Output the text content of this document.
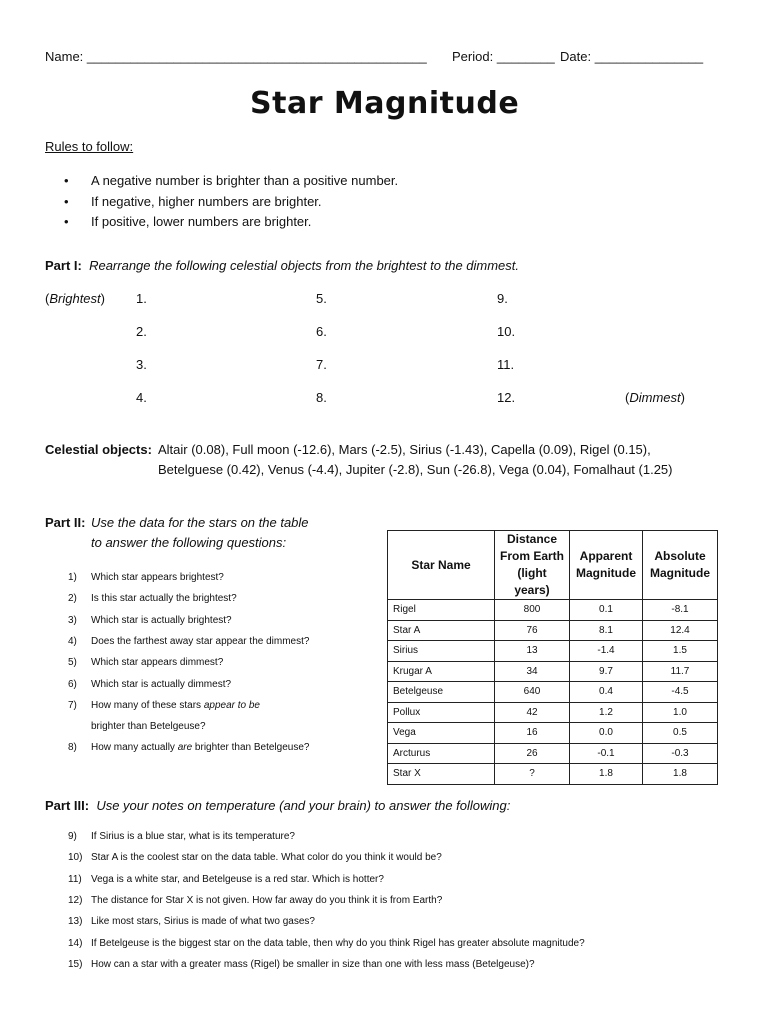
Name: _______________________________________________ Period: ________ Date: _______________
Star Magnitude
Rules to follow:
Part I: Rearrange the following celestial objects from the brightest to the dimmest.
(Brightest)
(Dimmest)
Celestial objects: Altair (0.08), Full moon (-12.6), Mars (-2.5), Sirius (-1.43), Capella (0.09), Rigel (0.15),
Betelguese (0.42), Venus (-4.4), Jupiter (-2.8), Sun (-26.8), Vega (0.04), Fomalhaut (1.25)
Part II: Use the data for the stars on the table
to answer the following questions:
Star Name	Distance From Earth (light years)	Apparent Magnitude	Absolute Magnitude
Rigel	800	0.1	-8.1
Star A	76	8.1	12.4
Sirius	13	-1.4	1.5
Krugar A	34	9.7	11.7
Betelgeuse	640	0.4	-4.5
Pollux	42	1.2	1.0
Vega	16	0.0	0.5
Arcturus	26	-0.1	-0.3
Star X	?	1.8	1.8
Part III: Use your notes on temperature (and your brain) to answer the following:
• A negative number is brighter than a positive number.
• If negative, higher numbers are brighter.
• If positive, lower numbers are brighter.
1.
2.
3.
4.
5.
6.
7.
8.
9.
10.
11.
12.
1) Which star appears brightest?
2) Is this star actually the brightest?
3) Which star is actually brightest?
4) Does the farthest away star appear the dimmest?
5) Which star appears dimmest?
6) Which star is actually dimmest?
7) How many of these stars appear to be
brighter than Betelgeuse?
8) How many actually are brighter than Betelgeuse?
9) If Sirius is a blue star, what is its temperature?
10) Star A is the coolest star on the data table. What color do you think it would be?
11) Vega is a white star, and Betelgeuse is a red star. Which is hotter?
12) The distance for Star X is not given. How far away do you think it is from Earth?
13) Like most stars, Sirius is made of what two gases?
14) If Betelgeuse is the biggest star on the data table, then why do you think Rigel has greater absolute magnitude?
15) How can a star with a greater mass (Rigel) be smaller in size than one with less mass (Betelgeuse)?
